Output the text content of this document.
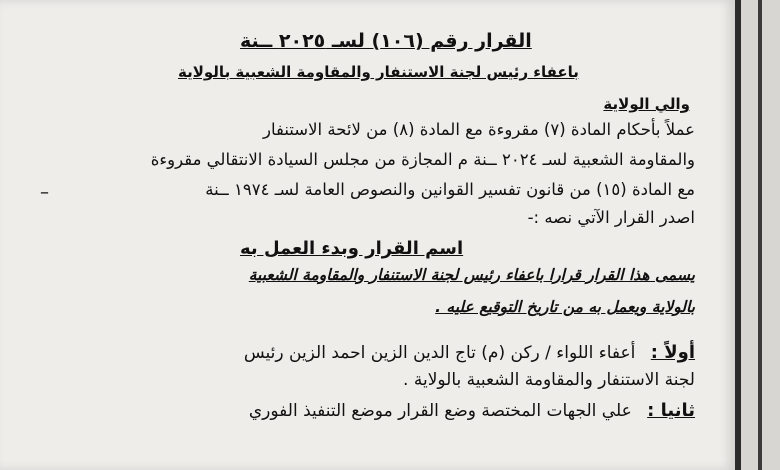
القرار رقم (١٠٦) لسـ ٢٠٢٥ ــنة
باعفاء رئيس لجنة الاستنفار والمقاومة الشعبية بالولاية
والي الولاية
عملاً بأحكام المادة (٧) مقروءة مع المادة (٨) من لائحة الاستنفار
والمقاومة الشعبية لسـ ٢٠٢٤ ــنة م المجازة من مجلس السيادة الانتقالي مقروءة
مع المادة (١٥) من قانون تفسير القوانين والنصوص العامة لسـ ١٩٧٤ ــنة
–
اصدر القرار الآتي نصه :-
اسم القرار وبدء العمل به
يسمى هذا القرار قرارا باعفاء رئيس لجنة الاستنفار والمقاومة الشعبية
بالولاية ويعمل به من تاريخ التوقيع عليه .
أولاً : أعفاء اللواء / ركن (م) تاج الدين الزين احمد الزين رئيس
لجنة الاستنفار والمقاومة الشعبية بالولاية .
ثانيا : علي الجهات المختصة وضع القرار موضع التنفيذ الفوري
